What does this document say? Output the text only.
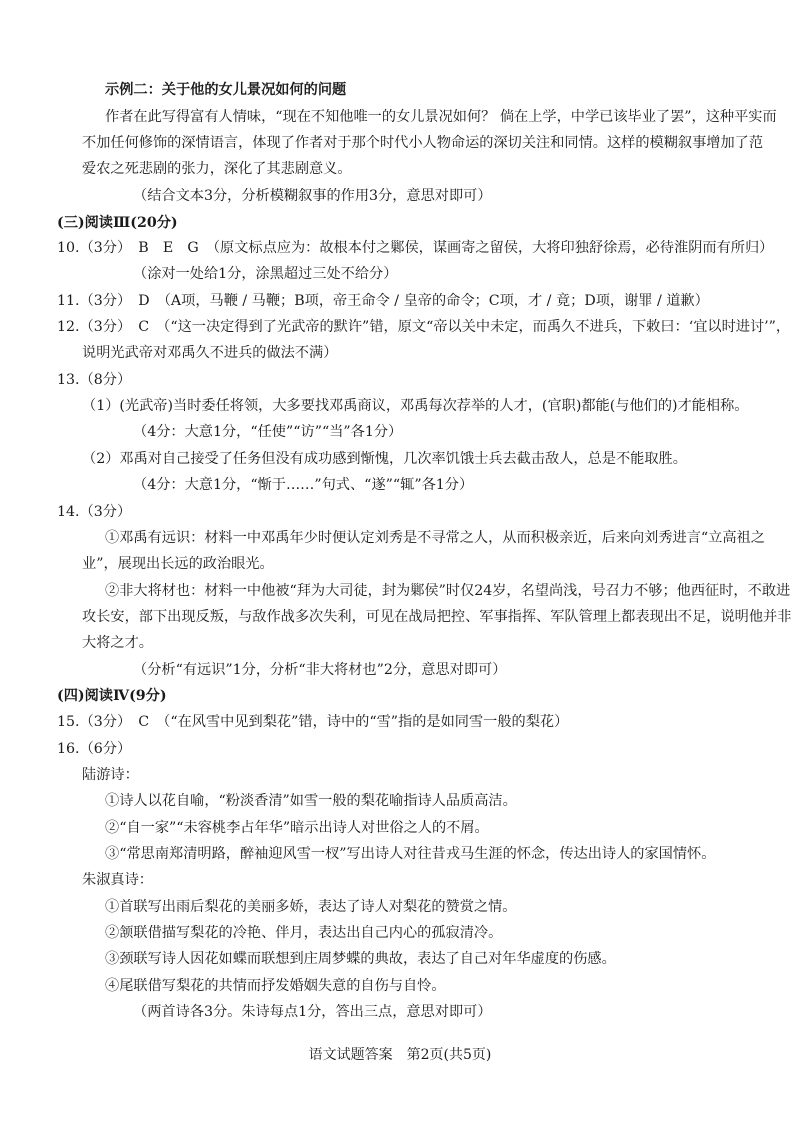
示例二：关于他的女儿景况如何的问题
作者在此写得富有人情味，“现在不知他唯一的女儿景况如何？ 倘在上学，中学已该毕业了罢”，这种平实而
不加任何修饰的深情语言，体现了作者对于那个时代小人物命运的深切关注和同情。这样的模糊叙事增加了范
爱农之死悲剧的张力，深化了其悲剧意义。
（结合文本3分，分析模糊叙事的作用3分，意思对即可）
(三)阅读Ⅲ(20分)
10.（3分）　B　E　G　（原文标点应为：故根本付之鄛侯，谋画寄之留侯，大将印独舒徐焉，必待淮阴而有所归）
（涂对一处给1分，涂黑超过三处不给分）
11.（3分）　D　（A项，马鞭 / 马鞭；B项，帝王命令 / 皇帝的命令；C项，才 / 竟；D项，谢罪 / 道歉）
12.（3分）　C　（“这一决定得到了光武帝的默许”错，原文“帝以关中未定，而禹久不进兵，下敕曰：‘宜以时进讨’”，
说明光武帝对邓禹久不进兵的做法不满）
13.（8分）
（1）(光武帝)当时委任将领，大多要找邓禹商议，邓禹每次荐举的人才，(官职)都能(与他们的)才能相称。
（4分：大意1分，“任使”“访”“当”各1分）
（2）邓禹对自己接受了任务但没有成功感到惭愧，几次率饥饿士兵去截击敌人，总是不能取胜。
（4分：大意1分，“惭于……”句式、“遂”“辄”各1分）
14.（3分）
①邓禹有远识：材料一中邓禹年少时便认定刘秀是不寻常之人，从而积极亲近，后来向刘秀进言“立高祖之
业”，展现出长远的政治眼光。
②非大将材也：材料一中他被“拜为大司徒，封为鄛侯”时仅24岁，名望尚浅，号召力不够；他西征时，不敢进
攻长安，部下出现反叛，与敌作战多次失利，可见在战局把控、军事指挥、军队管理上都表现出不足，说明他并非
大将之才。
（分析“有远识”1分，分析“非大将材也”2分，意思对即可）
(四)阅读Ⅳ(9分)
15.（3分）　C　（“在风雪中见到梨花”错，诗中的“雪”指的是如同雪一般的梨花）
16.（6分）
陆游诗：
①诗人以花自喻，“粉淡香清”如雪一般的梨花喻指诗人品质高洁。
②“自一家”“未容桃李占年华”暗示出诗人对世俗之人的不屑。
③“常思南郑清明路，醉袖迎风雪一杈”写出诗人对往昔戎马生涯的怀念，传达出诗人的家国情怀。
朱淑真诗：
①首联写出雨后梨花的美丽多娇，表达了诗人对梨花的赞赏之情。
②颔联借描写梨花的冷艳、伴月，表达出自己内心的孤寂清冷。
③颈联写诗人因花如蝶而联想到庄周梦蝶的典故，表达了自己对年华虚度的伤感。
④尾联借写梨花的共情而抒发婚姻失意的自伤与自怜。
（两首诗各3分。朱诗每点1分，答出三点，意思对即可）
语文试题答案　第2页(共5页)
